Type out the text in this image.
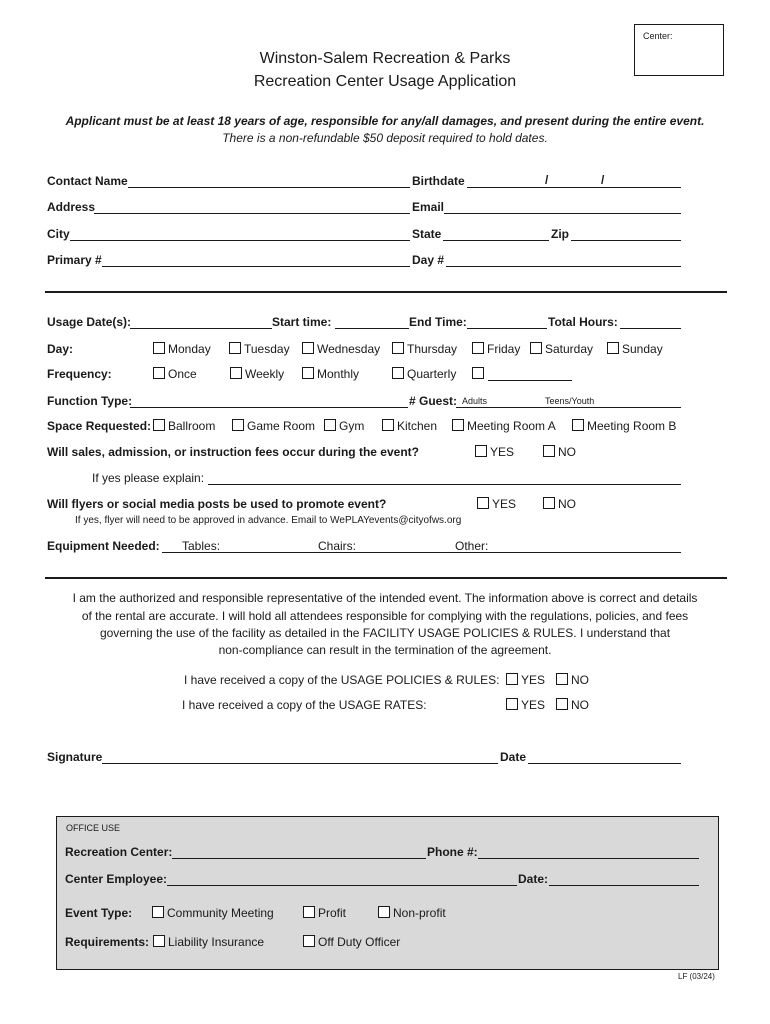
Center:
Winston-Salem Recreation & Parks
Recreation Center Usage Application
Applicant must be at least 18 years of age, responsible for any/all damages, and present during the entire event.
There is a non-refundable $50 deposit required to hold dates.
Contact Name	Birthdate	/	/
Address	Email
City	State	Zip
Primary #	Day #
Usage Date(s):	Start time:	End Time:	Total Hours:
Day:	Monday	Tuesday	Wednesday	Thursday	Friday	Saturday	Sunday
Frequency:	Once	Weekly	Monthly	Quarterly
Function Type:	# Guest: Adults	Teens/Youth
Space Requested:	Ballroom	Game Room	Gym	Kitchen	Meeting Room A	Meeting Room B
Will sales, admission, or instruction fees occur during the event?	YES	NO
If yes please explain:
Will flyers or social media posts be used to promote event?	YES	NO
If yes, flyer will need to be approved in advance. Email to WePLAYevents@cityofws.org
Equipment Needed: Tables:	Chairs:	Other:
I am the authorized and responsible representative of the intended event. The information above is correct and details
of the rental are accurate. I will hold all attendees responsible for complying with the regulations, policies, and fees
governing the use of the facility as detailed in the FACILITY USAGE POLICIES & RULES. I understand that
non-compliance can result in the termination of the agreement.
I have received a copy of the USAGE POLICIES & RULES:	YES	NO
I have received a copy of the USAGE RATES:	YES	NO
Signature	Date
OFFICE USE
Recreation Center:	Phone #:
Center Employee:	Date:
Event Type:	Community Meeting	Profit	Non-profit
Requirements:	Liability Insurance	Off Duty Officer
LF (03/24)
